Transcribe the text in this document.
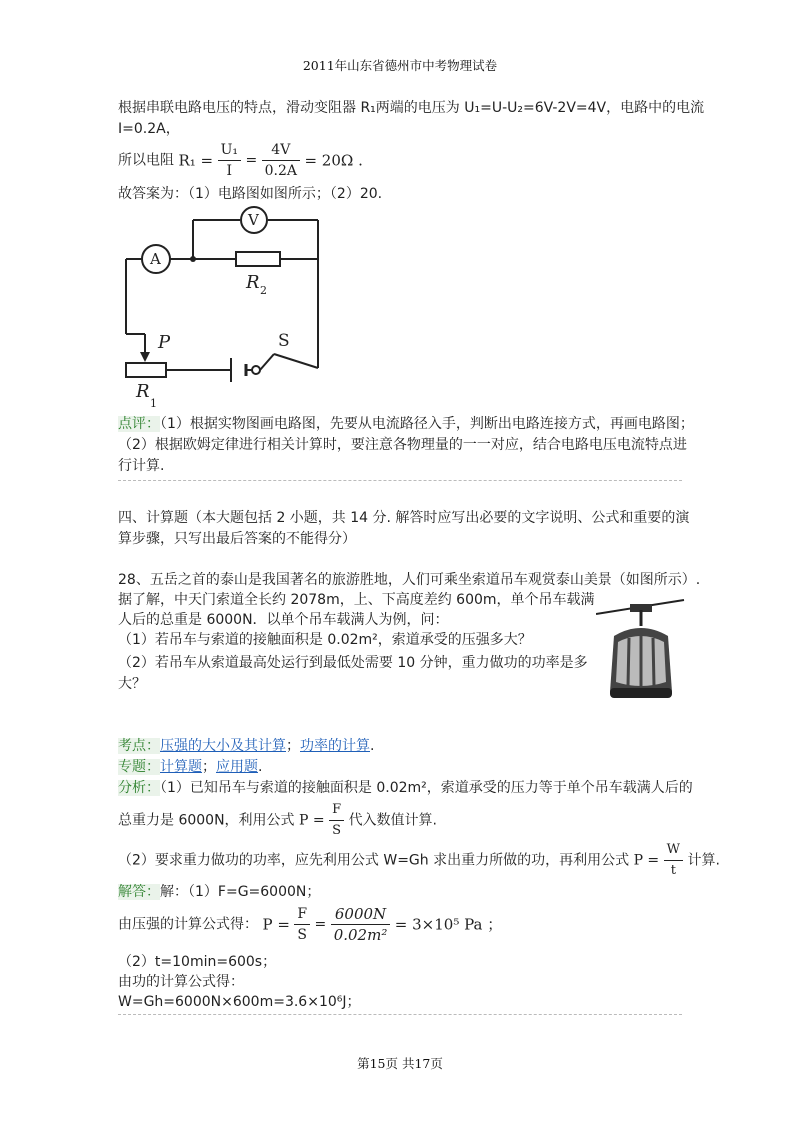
2011年山东省德州市中考物理试卷
根据串联电路电压的特点，滑动变阻器 R₁两端的电压为 U₁=U-U₂=6V-2V=4V，电路中的电流
I=0.2A，
所以电阻 $R_1 = \frac{\text{U₁}}{I} = \frac{4V}{0.2A} = 20\Omega$ .
故答案为：（1）电路图如图所示；（2）20.
V
A
R 2
P	S
R
1
点评：（1）根据实物图画电路图，先要从电流路径入手，判断出电路连接方式，再画电路图；
（2）根据欧姆定律进行相关计算时，要注意各物理量的一一对应，结合电路电压电流特点进
行计算.
四、计算题（本大题包括 2 小题，共 14 分. 解答时应写出必要的文字说明、公式和重要的演
算步骤，只写出最后答案的不能得分）
28、五岳之首的泰山是我国著名的旅游胜地，人们可乘坐索道吊车观赏泰山美景（如图所示）.
据了解，中天门索道全长约 2078m，上、下高度差约 600m，单个吊车载满
人后的总重是 6000N．以单个吊车载满人为例，问：
（1）若吊车与索道的接触面积是 0.02m²，索道承受的压强多大？
（2）若吊车从索道最高处运行到最低处需要 10 分钟，重力做功的功率是多
大？
考点：压强的大小及其计算；功率的计算.
专题：计算题；应用题.
分析：（1）已知吊车与索道的接触面积是 0.02m²，索道承受的压力等于单个吊车载满人后的
总重力是 6000N，利用公式 $P = \frac{F}{S}$ 代入数值计算.
（2）要求重力做功的功率，应先利用公式 W=Gh 求出重力所做的功，再利用公式 $P = \frac{W}{t}$ 计算.
解答：解：（1）F=G=6000N；
由压强的计算公式得： $P = \frac{F}{S} = \frac{6000N}{\text{0.02m²}} = 3\times 10^5$ Pa ；
（2）t=10min=600s；
由功的计算公式得：
W=Gh=6000N×600m=3.6×10⁶J；
第15页 共17页
